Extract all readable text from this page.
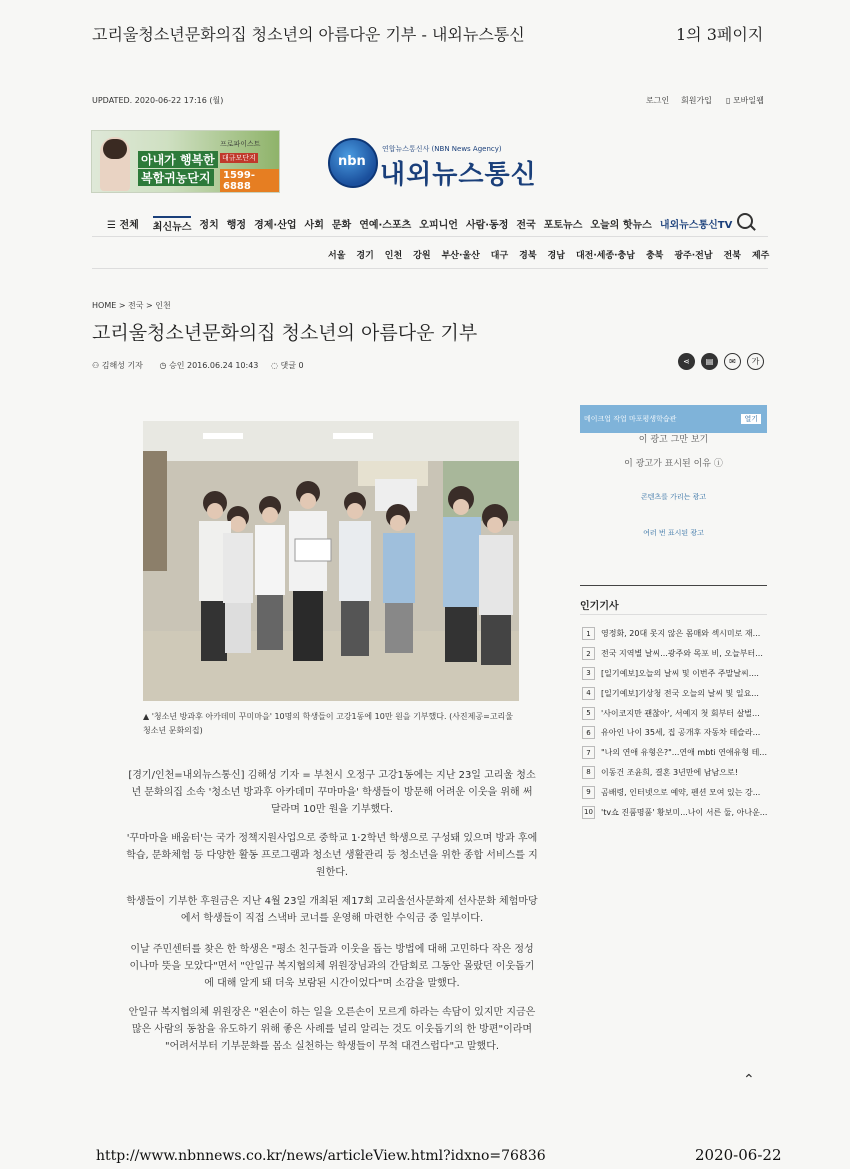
고리울청소년문화의집 청소년의 아름다운 기부 - 내외뉴스통신	1의 3페이지
UPDATED. 2020-06-22 17:16 (월)	로그인 회원가입 ▯ 모바일웹
아내가 행복한
복합귀농단지
프로파이스트
대규모단지
1599-6888
nbn
연합뉴스통신사 (NBN News Agency)
내외뉴스통신
☰ 전체 최신뉴스 정치 행정 경제·산업 사회 문화 연예·스포츠 오피니언 사람·동정 전국 포토뉴스 오늘의 핫뉴스 내외뉴스통신TV
서울 경기 인천 강원 부산·울산 대구 경북 경남 대전·세종·충남 충북 광주·전남 전북 제주
HOME > 전국 > 인천
고리울청소년문화의집 청소년의 아름다운 기부
⚇ 김해성 기자 ◷ 승인 2016.06.24 10:43 ◌ 댓글 0	⋖	▤	✉	가
▲ '청소년 방과후 아카데미 꾸미마을' 10명의 학생들이 고강1동에 10만 원을 기부했다. (사진제공=고리울 청소년 문화의집)
[경기/인천=내외뉴스통신] 김해성 기자 = 부천시 오정구 고강1동에는 지난 23일 고리울 청소년 문화의집 소속 '청소년 방과후 아카데미 꾸마마을' 학생들이 방문해 어려운 이웃을 위해 써 달라며 10만 원을 기부했다.
'꾸마마을 배움터'는 국가 정책지원사업으로 중학교 1·2학년 학생으로 구성돼 있으며 방과 후에 학습, 문화체험 등 다양한 활동 프로그램과 청소년 생활관리 등 청소년을 위한 종합 서비스를 지원한다.
학생들이 기부한 후원금은 지난 4월 23일 개최된 제17회 고리울선사문화제 선사문화 체험마당에서 학생들이 직접 스낵바 코너를 운영해 마련한 수익금 중 일부이다.
이날 주민센터를 찾은 한 학생은 "평소 친구들과 이웃을 돕는 방법에 대해 고민하다 작은 정성이나마 뜻을 모았다"면서 "안일규 복지협의체 위원장님과의 간담회로 그동안 몰랐던 이웃돕기에 대해 알게 돼 더욱 보람된 시간이었다"며 소감을 말했다.
안일규 복지협의체 위원장은 "왼손이 하는 일을 오른손이 모르게 하라는 속담이 있지만 지금은 많은 사람의 동참을 유도하기 위해 좋은 사례를 널리 알리는 것도 이웃돕기의 한 방편"이라며 "어려서부터 기부문화를 몸소 실천하는 학생들이 무척 대견스럽다"고 말했다.
메이크업 작업 마포평생학습관	열기
이 광고 그만 보기
이 광고가 표시된 이유 ⓘ
콘텐츠를 가리는 광고
여러 번 표시된 광고
인기기사
1	영정화, 20대 못지 않은 몸매와 섹시미로 재...
2	전국 지역별 날씨...광주와 목포 비, 오늘부터...
3	[일기예보]오늘의 날씨 및 이번주 주말날씨....
4	[일기예보]기상청 전국 오늘의 날씨 및 일요...
5	'사이코지만 괜찮아', 서예지 첫 회부터 살벌...
6	유아인 나이 35세, 집 공개후 자동차 테슬라...
7	"나의 연애 유형은?"...연애 mbti 연애유형 테...
8	이동건 조윤희, 결혼 3년만에 남남으로!
9	곰배령, 인터넷으로 예약, 펜션 모여 있는 강...
10 'tv쇼 진품명품' 황보미...나이 서른 둘, 아나운...
⌃
http://www.nbnnews.co.kr/news/articleView.html?idxno=76836	2020-06-22
